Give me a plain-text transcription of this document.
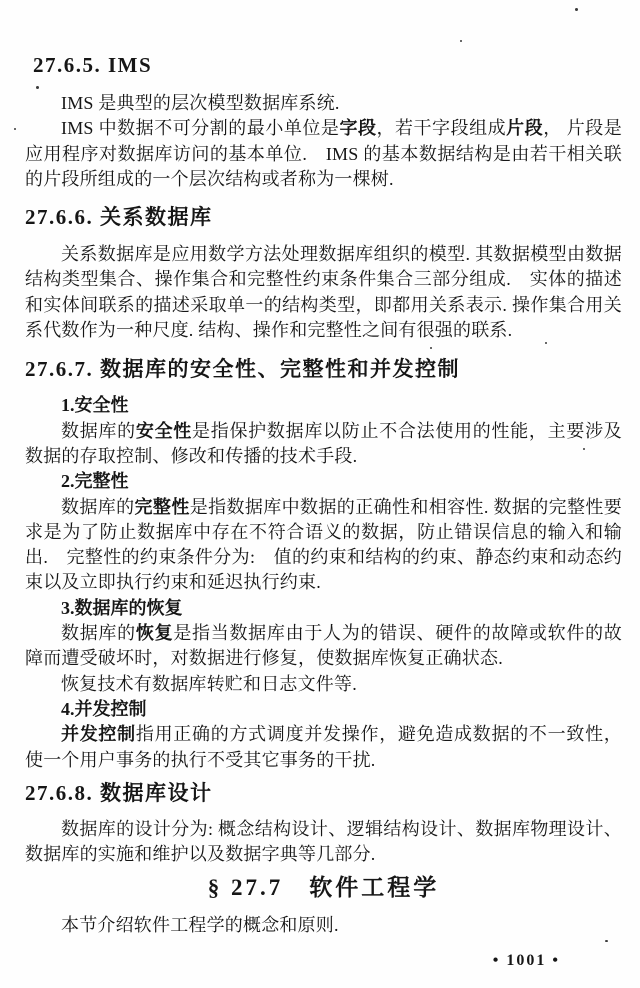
27.6.5. IMS

IMS 是典型的层次模型数据库系统.

IMS 中数据不可分割的最小单位是字段，若干字段组成片段， 片段是应用程序对数据库访问的基本单位.　IMS 的基本数据结构是由若干相关联的片段所组成的一个层次结构或者称为一棵树.

27.6.6. 关系数据库

关系数据库是应用数学方法处理数据库组织的模型. 其数据模型由数据结构类型集合、操作集合和完整性约束条件集合三部分组成.　实体的描述和实体间联系的描述采取单一的结构类型，即都用关系表示. 操作集合用关系代数作为一种尺度. 结构、操作和完整性之间有很强的联系.

27.6.7. 数据库的安全性、完整性和并发控制

1.安全性

数据库的安全性是指保护数据库以防止不合法使用的性能，主要涉及数据的存取控制、修改和传播的技术手段.

2.完整性

数据库的完整性是指数据库中数据的正确性和相容性. 数据的完整性要求是为了防止数据库中存在不符合语义的数据，防止错误信息的输入和输出.　完整性的约束条件分为:　值的约束和结构的约束、静态约束和动态约束以及立即执行约束和延迟执行约束.

3.数据库的恢复

数据库的恢复是指当数据库由于人为的错误、硬件的故障或软件的故障而遭受破坏时，对数据进行修复，使数据库恢复正确状态.

恢复技术有数据库转贮和日志文件等.

4.并发控制

并发控制指用正确的方式调度并发操作，避免造成数据的不一致性，使一个用户事务的执行不受其它事务的干扰.

27.6.8. 数据库设计

数据库的设计分为: 概念结构设计、逻辑结构设计、数据库物理设计、数据库的实施和维护以及数据字典等几部分.

§ 27.7　软件工程学

本节介绍软件工程学的概念和原则.

• 1001 •
